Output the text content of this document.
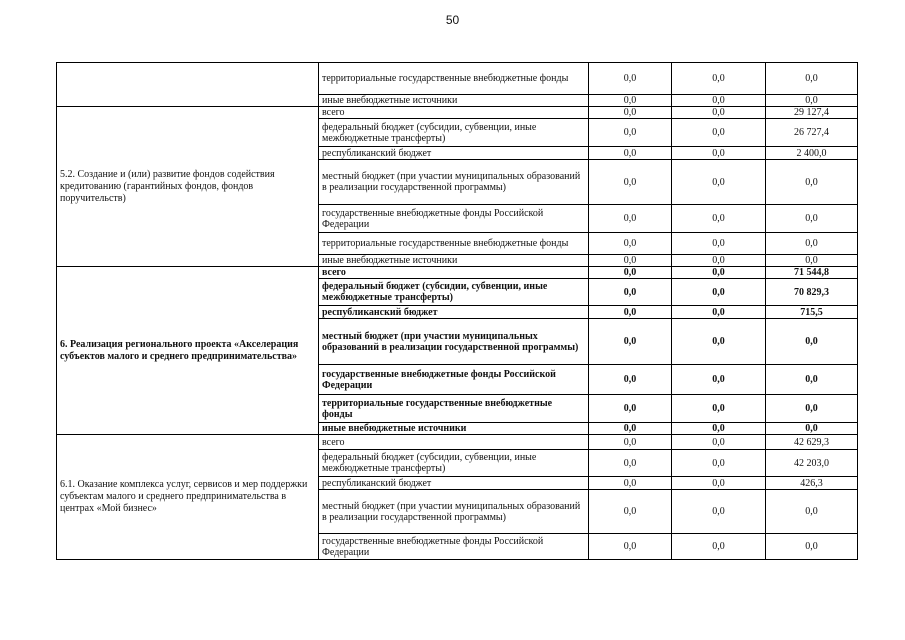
50
	территориальные государственные внебюджетные фонды	0,0	0,0	0,0
	иные внебюджетные источники	0,0	0,0	0,0
5.2. Создание и (или) развитие фондов содействия кредитованию (гарантийных фондов, фондов поручительств)	всего	0,0	0,0	29 127,4
	федеральный бюджет (субсидии, субвенции, иные межбюджетные трансферты)	0,0	0,0	26 727,4
	республиканский бюджет	0,0	0,0	2 400,0
	местный бюджет (при участии муниципальных образований в реализации государственной программы)	0,0	0,0	0,0
	государственные внебюджетные фонды Российской Федерации	0,0	0,0	0,0
	территориальные государственные внебюджетные фонды	0,0	0,0	0,0
	иные внебюджетные источники	0,0	0,0	0,0
6. Реализация регионального проекта «Акселерация субъектов малого и среднего предпринимательства»	всего	0,0	0,0	71 544,8
	федеральный бюджет (субсидии, субвенции, иные межбюджетные трансферты)	0,0	0,0	70 829,3
	республиканский бюджет	0,0	0,0	715,5
	местный бюджет (при участии муниципальных образований в реализации государственной программы)	0,0	0,0	0,0
	государственные внебюджетные фонды Российской Федерации	0,0	0,0	0,0
	территориальные государственные внебюджетные фонды	0,0	0,0	0,0
	иные внебюджетные источники	0,0	0,0	0,0
6.1. Оказание комплекса услуг, сервисов и мер поддержки субъектам малого и среднего предпринимательства в центрах «Мой бизнес»	всего	0,0	0,0	42 629,3
	федеральный бюджет (субсидии, субвенции, иные межбюджетные трансферты)	0,0	0,0	42 203,0
	республиканский бюджет	0,0	0,0	426,3
	местный бюджет (при участии муниципальных образований в реализации государственной программы)	0,0	0,0	0,0
	государственные внебюджетные фонды Российской Федерации	0,0	0,0	0,0
